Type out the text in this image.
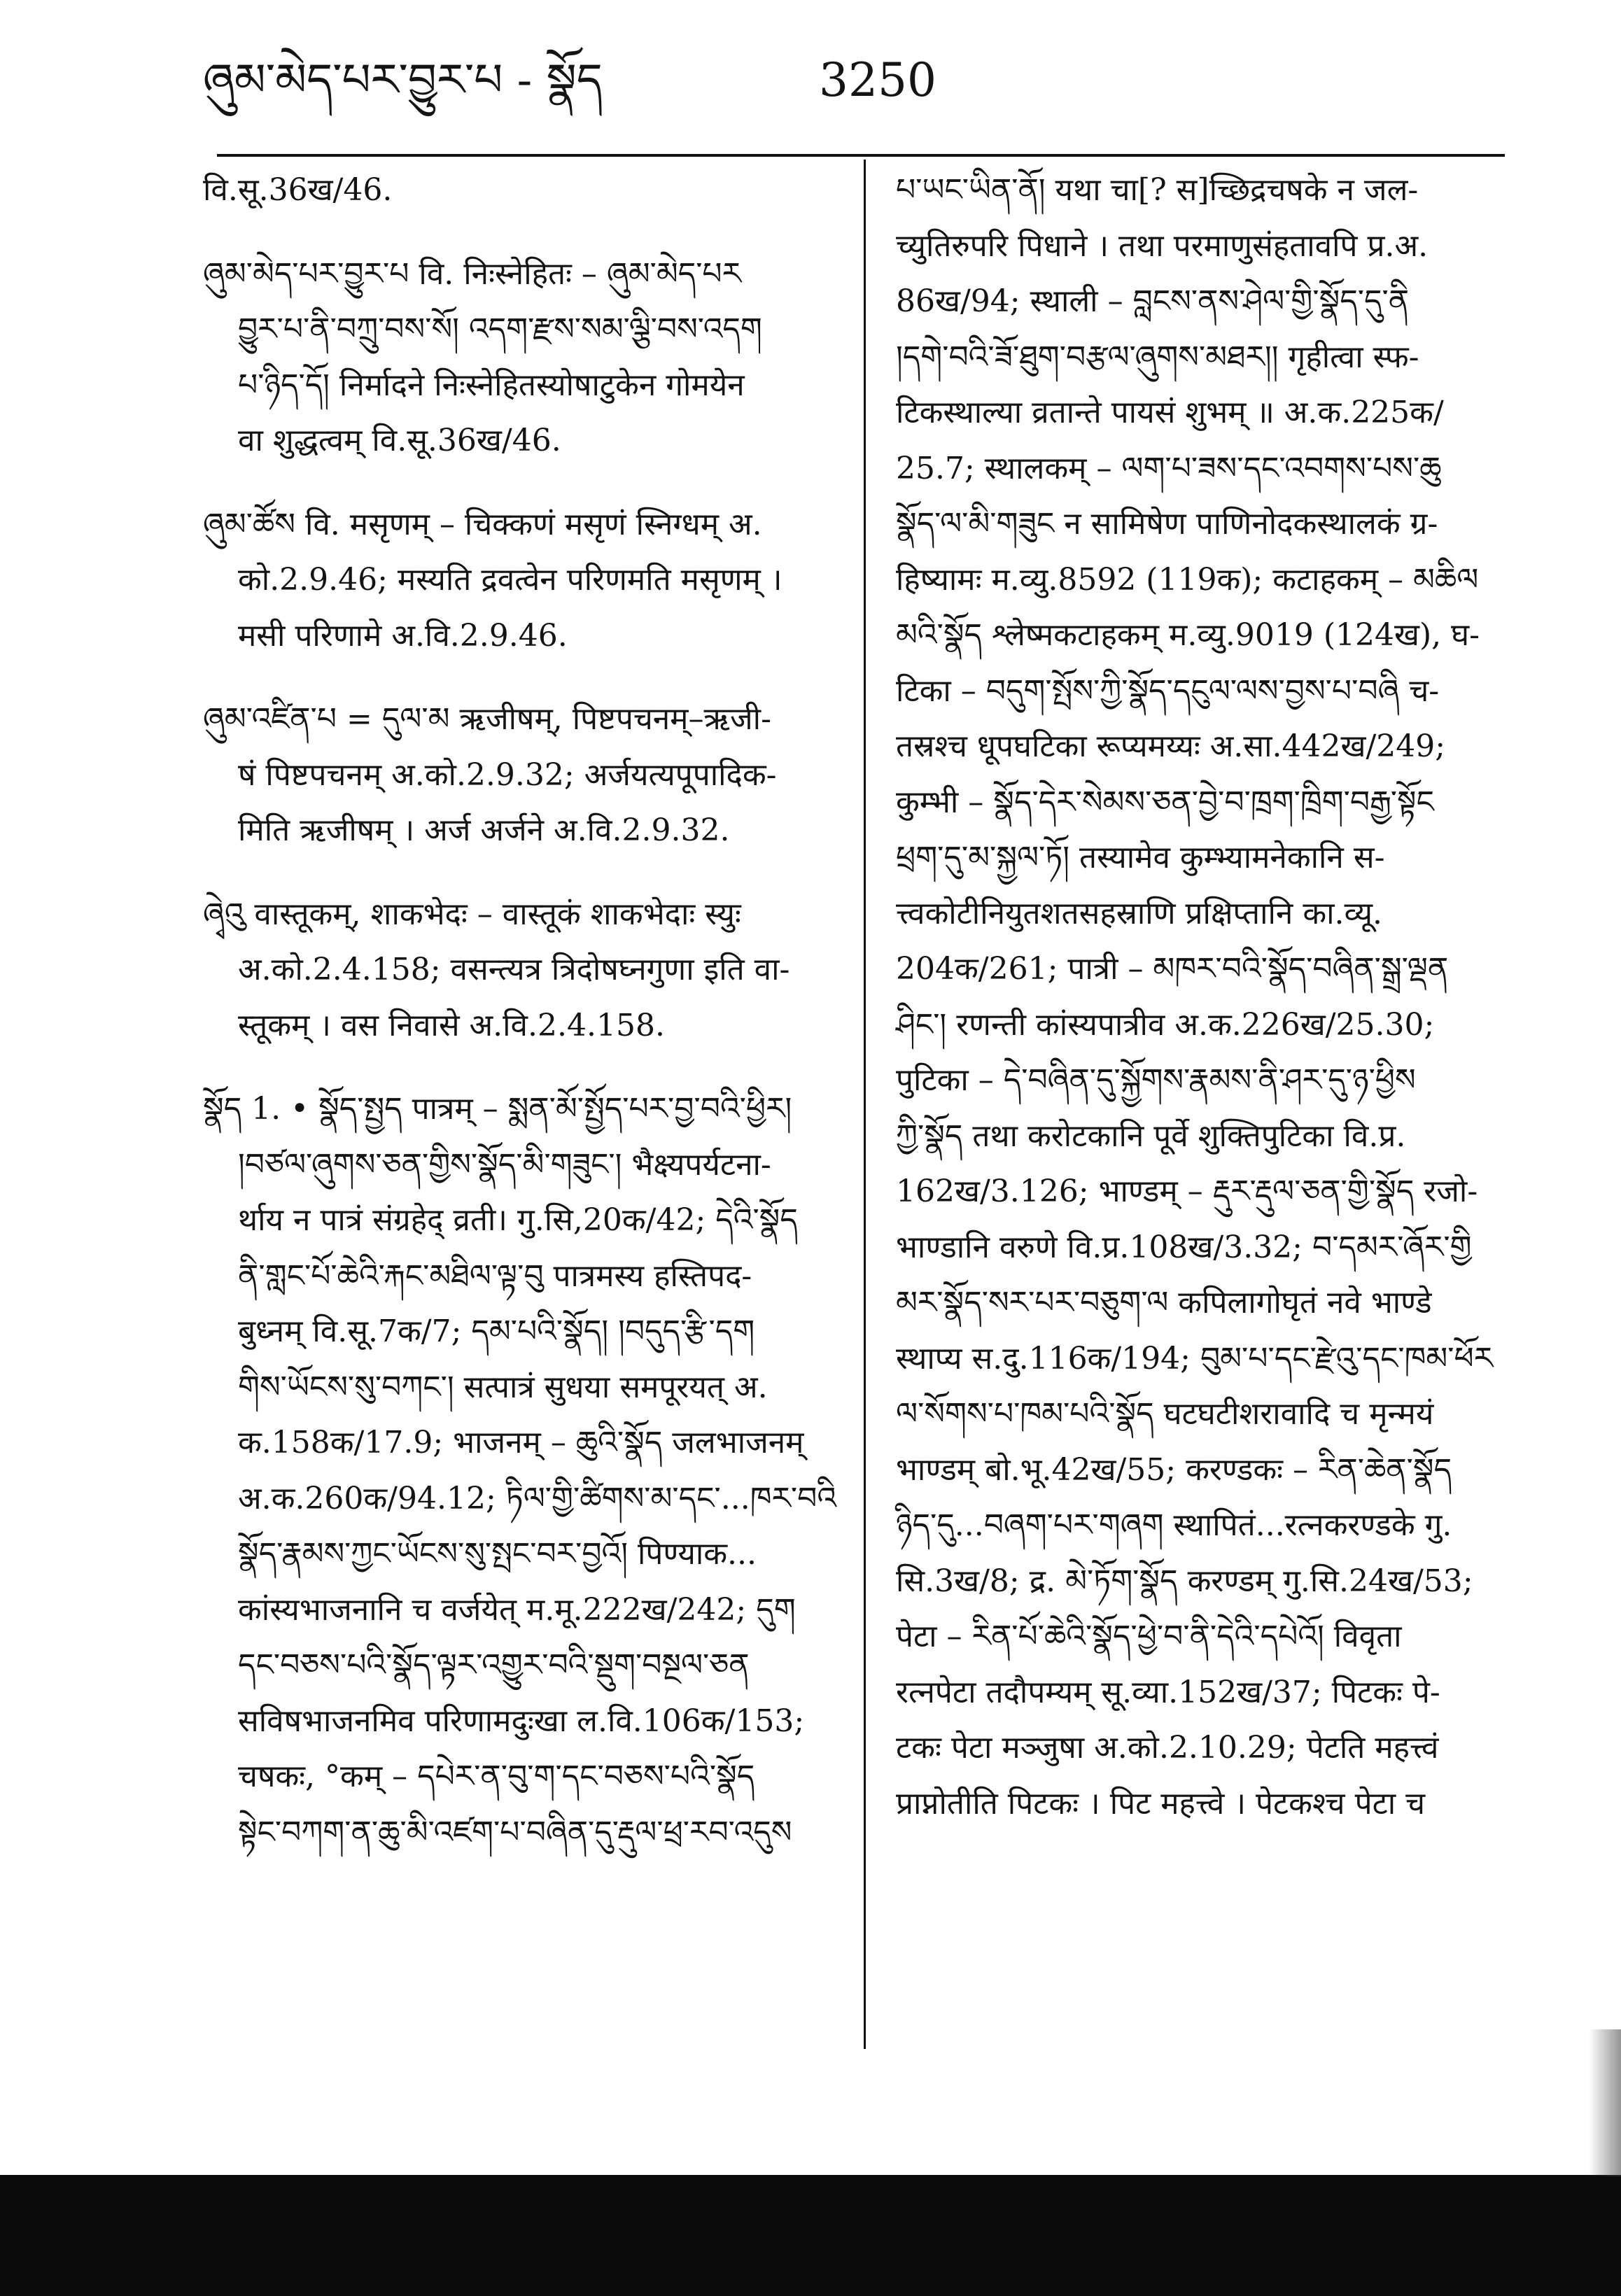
ཞུམ་མེད་པར་བྱུར་པ - སྣོད	3250
वि.सू.36ख/46.
ཞུམ་མེད་པར་བྱུར་པ वि. निःस्नेहितः – ཞུམ་མེད་པར
བྱུར་པ་ནི་བཀྲུ་བས་སོ། འདག་རྫས་སམ་ལྕི་བས་འདག
པ་ཉིད་དོ། निर्मादने निःस्नेहितस्योषाटुकेन गोमयेन
वा शुद्धत्वम् वि.सू.36ख/46.
ཞུམ་ཚོས वि. मसृणम् – चिक्कणं मसृणं स्निग्धम् अ.
को.2.9.46; मस्यति द्रवत्वेन परिणमति मसृणम् ।
मसी परिणामे अ.वि.2.9.46.
ཞུམ་འཛིན་པ = དུལ་མ ऋजीषम्, पिष्टपचनम्–ऋजी-
षं पिष्टपचनम् अ.को.2.9.32; अर्जयत्यपूपादिक-
मिति ऋजीषम् । अर्ज अर्जने अ.वि.2.9.32.
ཞྭེའུ वास्तूकम्, शाकभेदः – वास्तूकं शाकभेदाः स्युः
अ.को.2.4.158; वसन्त्यत्र त्रिदोषघ्नगुणा इति वा-
स्तूकम् । वस निवासे अ.वि.2.4.158.
སྣོད 1. • སྣོད་སྤྱད पात्रम् – སྨན་མོ་སྤྱོད་པར་བྱ་བའི་ཕྱིར།
།བཙལ་ཞུགས་ཅན་གྱིས་སྣོད་མི་གཟུང་། भैक्ष्यपर्यटना-
र्थाय न पात्रं संग्रहेद् व्रती। गु.सि,20क/42; དེའི་སྣོད
ནི་གླང་པོ་ཆེའི་རྐང་མཐིལ་ལྟ་བུ पात्रमस्य हस्तिपद-
बुध्नम् वि.सू.7क/7; དམ་པའི་སྣོད། །བདུད་རྩི་དག
གིས་ཡོངས་སུ་བཀང་། सत्पात्रं सुधया समपूरयत् अ.
क.158क/17.9; भाजनम् – ཆུའི་སྣོད जलभाजनम्
अ.क.260क/94.12; ཏིལ་གྱི་ཚིགས་མ་དང་...ཁར་བའི
སྣོད་རྣམས་ཀྱང་ཡོངས་སུ་སྤང་བར་བྱའོ། पिण्याक...
कांस्यभाजनानि च वर्जयेत् म.मू.222ख/242; དུག
དང་བཅས་པའི་སྣོད་ལྟར་འགྱུར་བའི་སྡུག་བསྔལ་ཅན
सविषभाजनमिव परिणामदुःखा ल.वि.106क/153;
चषकः, °कम् – དཔེར་ན་བུ་ག་དང་བཅས་པའི་སྣོད
སྟེང་བཀག་ན་ཆུ་མི་འཛག་པ་བཞིན་དུ་རྡུལ་ཕྲ་རབ་འདུས
པ་ཡང་ཡིན་ནོ། यथा चा[? स]च्छिद्रचषके न जल-
च्युतिरुपरि पिधाने । तथा परमाणुसंहतावपि प्र.अ.
86ख/94; स्थाली – བླངས་ནས་ཤེལ་གྱི་སྣོད་དུ་ནི
།དགེ་བའི་ཟོ་ཐུག་བརྩལ་ཞུགས་མཐར།། गृहीत्वा स्फ-
टिकस्थाल्या व्रतान्ते पायसं शुभम् ॥ अ.क.225क/
25.7; स्थालकम् – ལག་པ་ཟས་དང་འབགས་པས་ཆུ
སྣོད་ལ་མི་གཟུང न सामिषेण पाणिनोदकस्थालकं ग्र-
हिष्यामः म.व्यु.8592 (119क); कटाहकम् – མཆིལ
མའི་སྣོད श्लेष्मकटाहकम् म.व्यु.9019 (124ख), घ-
टिका – བདུག་སྤོས་ཀྱི་སྣོད་དངུལ་ལས་བྱས་པ་བཞི च-
तस्रश्च धूपघटिका रूप्यमय्यः अ.सा.442ख/249;
कुम्भी – སྣོད་དེར་སེམས་ཅན་བྱེ་བ་ཁྲག་ཁྲིག་བརྒྱ་སྟོང
ཕྲག་དུ་མ་སྐྱལ་ཏོ། तस्यामेव कुम्भ्यामनेकानि स-
त्त्वकोटीनियुतशतसहस्राणि प्रक्षिप्तानि का.व्यू.
204क/261; पात्री – མཁར་བའི་སྣོད་བཞིན་སྒྲ་ལྡན
ཤིང་། रणन्ती कांस्यपात्रीव अ.क.226ख/25.30;
पुटिका – དེ་བཞིན་དུ་སྐྱོགས་རྣམས་ནི་ཤར་དུ་ཉ་ཕྱིས
ཀྱི་སྣོད तथा करोटकानि पूर्वे शुक्तिपुटिका वि.प्र.
162ख/3.126; भाण्डम् – རྡུར་རྡུལ་ཅན་གྱི་སྣོད रजो-
भाण्डानि वरुणे वि.प्र.108ख/3.32; བ་དམར་ཞོར་གྱི
མར་སྣོད་སར་པར་བཅུག་ལ कपिलागोघृतं नवे भाण्डे
स्थाप्य स.दु.116क/194; བུམ་པ་དང་རྫེའུ་དང་ཁམ་ཕོར
ལ་སོགས་པ་ཁམ་པའི་སྣོད घटघटीशरावादि च मृन्मयं
भाण्डम् बो.भू.42ख/55; करण्डकः – རིན་ཆེན་སྣོད
ཉིད་དུ...བཞག་པར་གཞག स्थापितं...रत्नकरण्डके गु.
सि.3ख/8; द्र. མེ་ཏོག་སྣོད करण्डम् गु.सि.24ख/53;
पेटा – རིན་པོ་ཆེའི་སྣོད་ཕྱེ་བ་ནི་དེའི་དཔེའོ། विवृता
रत्नपेटा तदौपम्यम् सू.व्या.152ख/37; पिटकः पे-
टकः पेटा मञ्जुषा अ.को.2.10.29; पेटति महत्त्वं
प्राप्नोतीति पिटकः । पिट महत्त्वे । पेटकश्च पेटा च
